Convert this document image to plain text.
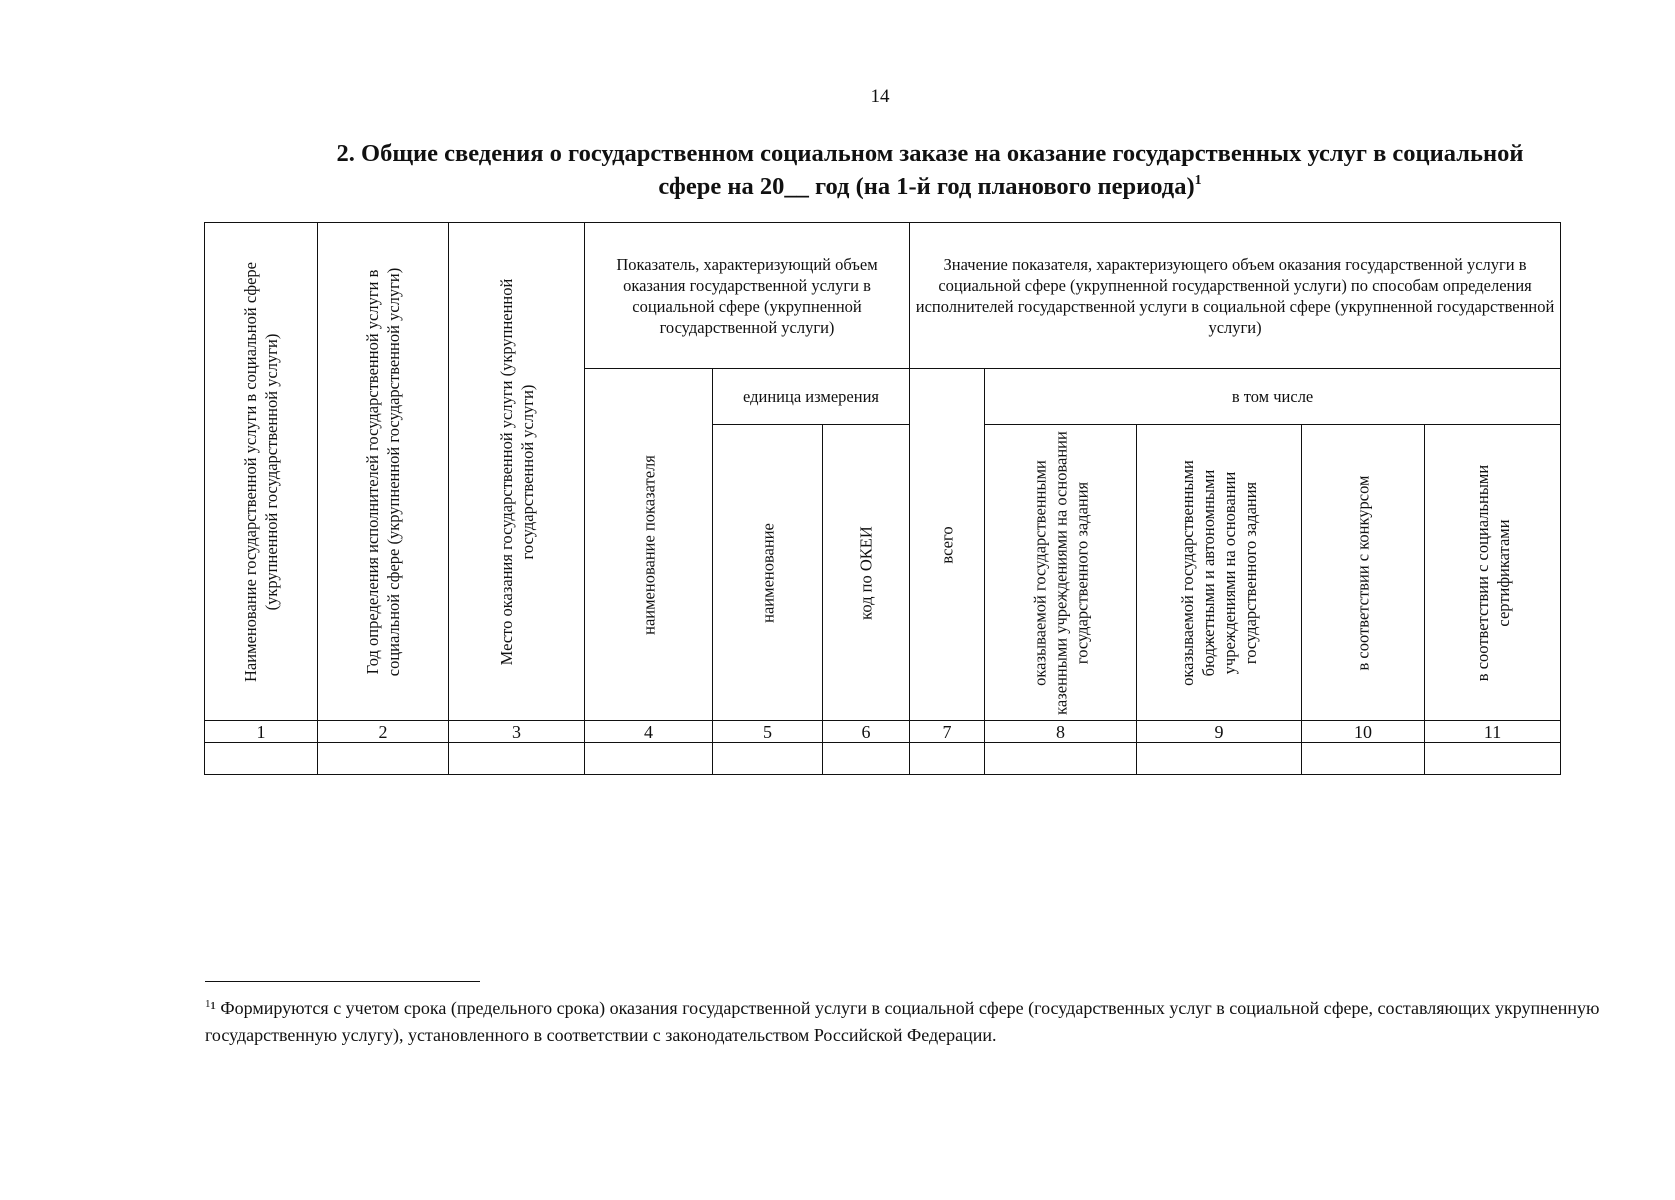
14
2. Общие сведения о государственном социальном заказе на оказание государственных услуг в социальной
сфере на 20__ год (на 1-й год планового периода)$^1$
Наименование государственной услуги в социальной сфере (укрупненной государственной услуги)	Год определения исполнителей государственной услуги в социальной сфере (укрупненной государственной услуги)	Место оказания государственной услуги (укрупненной государственной услуги)	Показатель, характеризующий объем оказания государственной услуги в социальной сфере (укрупненной государственной услуги)			Значение показателя, характеризующего объем оказания государственной услуги в социальной сфере (укрупненной государственной услуги) по способам определения исполнителей государственной услуги в социальной сфере (укрупненной государственной услуги)				

			наименование показателя	единица измерения		всего	в том числе			

				наименование	код по ОКЕИ		оказываемой государственными казенными учреждениями на основании государственного задания	оказываемой государственными бюджетными и автономными учреждениями на основании государственного задания	в соответствии с конкурсом	в соответствии с социальными сертификатами

1	2	3	4	5	6	7	8	9	10	11

$^1$¹ Формируются с учетом срока (предельного срока) оказания государственной услуги в социальной сфере (государственных услуг в социальной сфере, составляющих укрупненную государственную услугу), установленного в соответствии с законодательством Российской Федерации.
